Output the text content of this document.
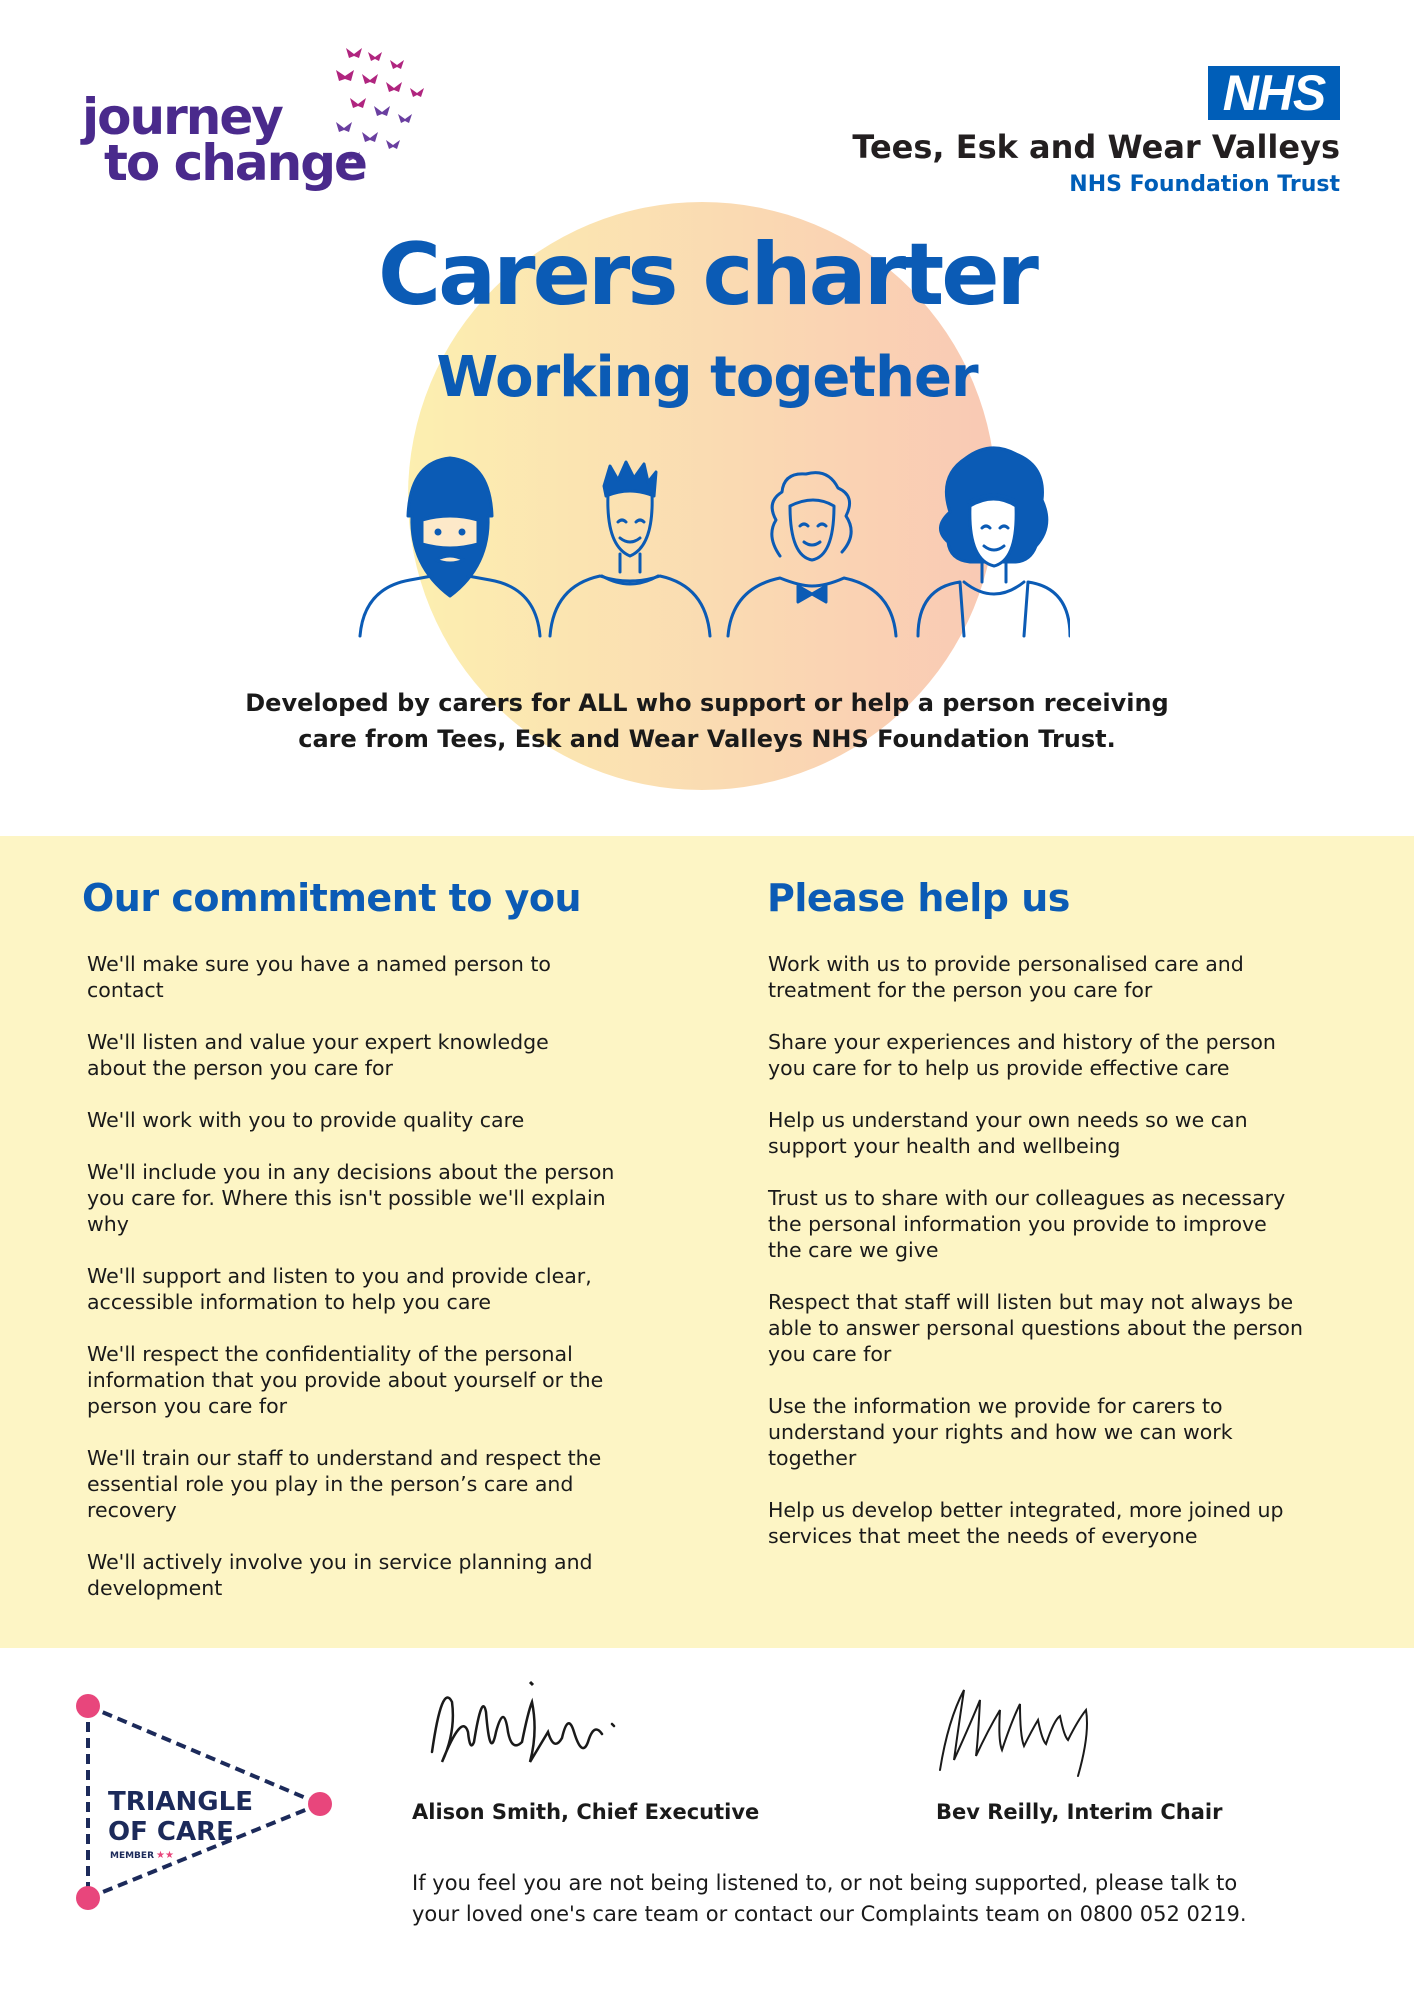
journey
to change
NHS
Tees, Esk and Wear Valleys
NHS Foundation Trust
Carers charter
Working together
Developed by carers for ALL who support or help a person receiving
care from Tees, Esk and Wear Valleys NHS Foundation Trust.
Our commitment to you
We'll make sure you have a named person to
contact
We'll listen and value your expert knowledge
about the person you care for
We'll work with you to provide quality care
We'll include you in any decisions about the person
you care for. Where this isn't possible we'll explain
why
We'll support and listen to you and provide clear,
accessible information to help you care
We'll respect the confidentiality of the personal
information that you provide about yourself or the
person you care for
We'll train our staff to understand and respect the
essential role you play in the person’s care and
recovery
We'll actively involve you in service planning and
development
Please help us
Work with us to provide personalised care and
treatment for the person you care for
Share your experiences and history of the person
you care for to help us provide effective care
Help us understand your own needs so we can
support your health and wellbeing
Trust us to share with our colleagues as necessary
the personal information you provide to improve
the care we give
Respect that staff will listen but may not always be
able to answer personal questions about the person
you care for
Use the information we provide for carers to
understand your rights and how we can work
together
Help us develop better integrated, more joined up
services that meet the needs of everyone
TRIANGLE
OF CARE
MEMBER ★★
Alison Smith, Chief Executive	Bev Reilly, Interim Chair
If you feel you are not being listened to, or not being supported, please talk to
your loved one's care team or contact our Complaints team on 0800 052 0219.
